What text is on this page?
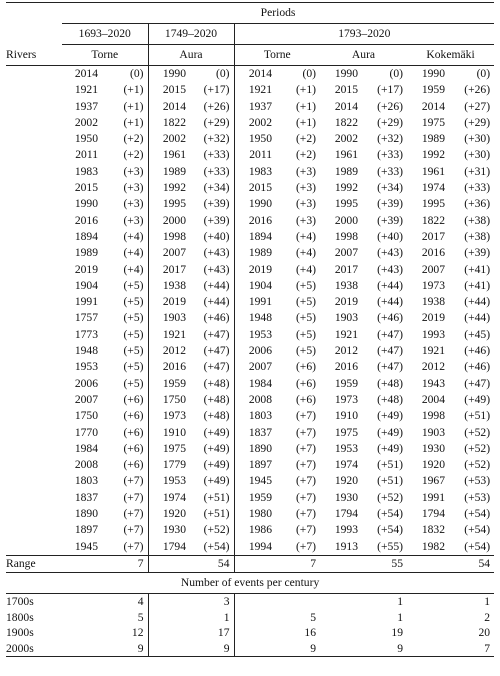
	Periods									
	1693–2020		1749–2020		1793–2020					
Rivers	Torne		Aura		Torne		Aura		Kokemäki	
	2014	(0)	1990	(0)	2014	(0)	1990	(0)	1990	(0)
	1921	(+1)	2015	(+17)	1921	(+1)	2015	(+17)	1959	(+26)
	1937	(+1)	2014	(+26)	1937	(+1)	2014	(+26)	2014	(+27)
	2002	(+1)	1822	(+29)	2002	(+1)	1822	(+29)	1975	(+29)
	1950	(+2)	2002	(+32)	1950	(+2)	2002	(+32)	1989	(+30)
	2011	(+2)	1961	(+33)	2011	(+2)	1961	(+33)	1992	(+30)
	1983	(+3)	1989	(+33)	1983	(+3)	1989	(+33)	1961	(+31)
	2015	(+3)	1992	(+34)	2015	(+3)	1992	(+34)	1974	(+33)
	1990	(+3)	1995	(+39)	1990	(+3)	1995	(+39)	1995	(+36)
	2016	(+3)	2000	(+39)	2016	(+3)	2000	(+39)	1822	(+38)
	1894	(+4)	1998	(+40)	1894	(+4)	1998	(+40)	2017	(+38)
	1989	(+4)	2007	(+43)	1989	(+4)	2007	(+43)	2016	(+39)
	2019	(+4)	2017	(+43)	2019	(+4)	2017	(+43)	2007	(+41)
	1904	(+5)	1938	(+44)	1904	(+5)	1938	(+44)	1973	(+41)
	1991	(+5)	2019	(+44)	1991	(+5)	2019	(+44)	1938	(+44)
	1757	(+5)	1903	(+46)	1948	(+5)	1903	(+46)	2019	(+44)
	1773	(+5)	1921	(+47)	1953	(+5)	1921	(+47)	1993	(+45)
	1948	(+5)	2012	(+47)	2006	(+5)	2012	(+47)	1921	(+46)
	1953	(+5)	2016	(+47)	2007	(+6)	2016	(+47)	2012	(+46)
	2006	(+5)	1959	(+48)	1984	(+6)	1959	(+48)	1943	(+47)
	2007	(+6)	1750	(+48)	2008	(+6)	1973	(+48)	2004	(+49)
	1750	(+6)	1973	(+48)	1803	(+7)	1910	(+49)	1998	(+51)
	1770	(+6)	1910	(+49)	1837	(+7)	1975	(+49)	1903	(+52)
	1984	(+6)	1975	(+49)	1890	(+7)	1953	(+49)	1930	(+52)
	2008	(+6)	1779	(+49)	1897	(+7)	1974	(+51)	1920	(+52)
	1803	(+7)	1953	(+49)	1945	(+7)	1920	(+51)	1967	(+53)
	1837	(+7)	1974	(+51)	1959	(+7)	1930	(+52)	1991	(+53)
	1890	(+7)	1920	(+51)	1980	(+7)	1794	(+54)	1794	(+54)
	1897	(+7)	1930	(+52)	1986	(+7)	1993	(+54)	1832	(+54)
	1945	(+7)	1794	(+54)	1994	(+7)	1913	(+55)	1982	(+54)
Range	7		54		7		55		54	
Number of events per century										
1700s	4		3				1		1	
1800s	5		1		5		1		2	
1900s	12		17		16		19		20	
2000s	9		9		9		9		7	
